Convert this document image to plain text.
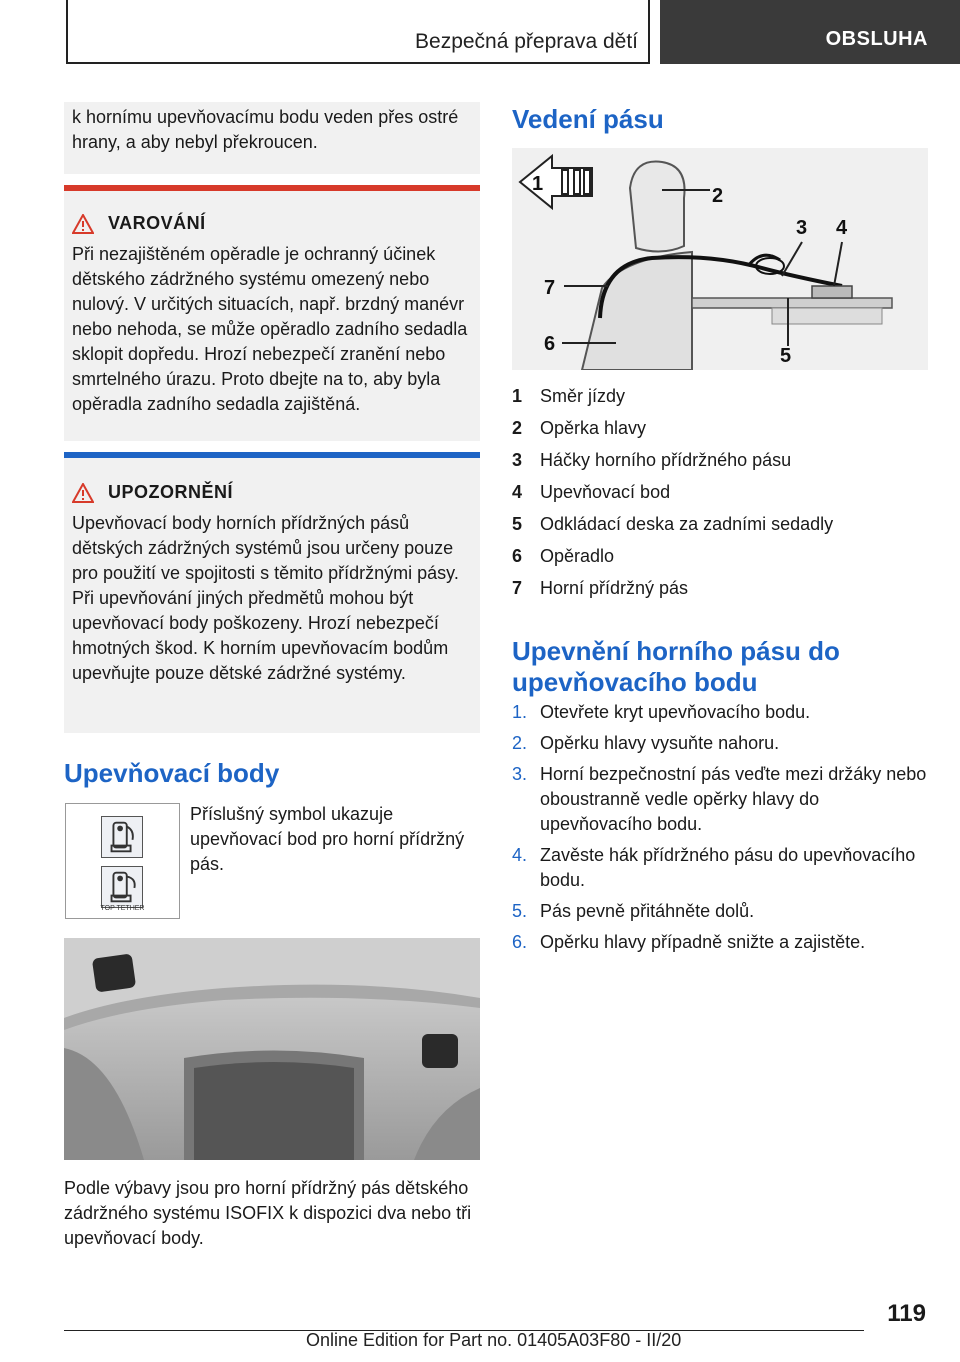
Bezpečná přeprava dětí	OBSLUHA

k hornímu upevňovacímu bodu veden přes ostré hrany, a aby nebyl překroucen.

VAROVÁNÍ

Při nezajištěném opěradle je ochranný účinek dětského zádržného systému omezený nebo nulový. V určitých situacích, např. brzdný manévr nebo nehoda, se může opěradlo zadního sedadla sklopit dopředu. Hrozí nebezpečí zranění nebo smrtelného úrazu. Proto dbejte na to, aby byla opěradla zadního sedadla zajištěná.

UPOZORNĚNÍ

Upevňovací body horních přídržných pásů dětských zádržných systémů jsou určeny pouze pro použití ve spojitosti s těmito přídržnými pásy. Při upevňování jiných předmětů mohou být upevňovací body poškozeny. Hrozí nebezpečí hmotných škod. K horním upevňovacím bodům upevňujte pouze dětské zádržné systémy.

Upevňovací body
TOP TETHER
Příslušný symbol ukazuje upevňovací bod pro horní přídržný pás.
Podle výbavy jsou pro horní přídržný pás dětského zádržného systému ISOFIX k dispozici dva nebo tři upevňovací body.
Vedení pásu
1
2
3 4
5
6
7
1 Směr jízdy
2 Opěrka hlavy
3 Háčky horního přídržného pásu
4 Upevňovací bod
5 Odkládací deska za zadními sedadly
6 Opěradlo
7 Horní přídržný pás
Upevnění horního pásu do upevňovacího bodu
1. Otevřete kryt upevňovacího bodu.
2. Opěrku hlavy vysuňte nahoru.
3. Horní bezpečnostní pás veďte mezi držáky nebo oboustranně vedle opěrky hlavy do upevňovacího bodu.
4. Zavěste hák přídržného pásu do upevňovacího bodu.
5. Pás pevně přitáhněte dolů.
6. Opěrku hlavy případně snižte a zajistěte.
119
Online Edition for Part no. 01405A03F80 - II/20
